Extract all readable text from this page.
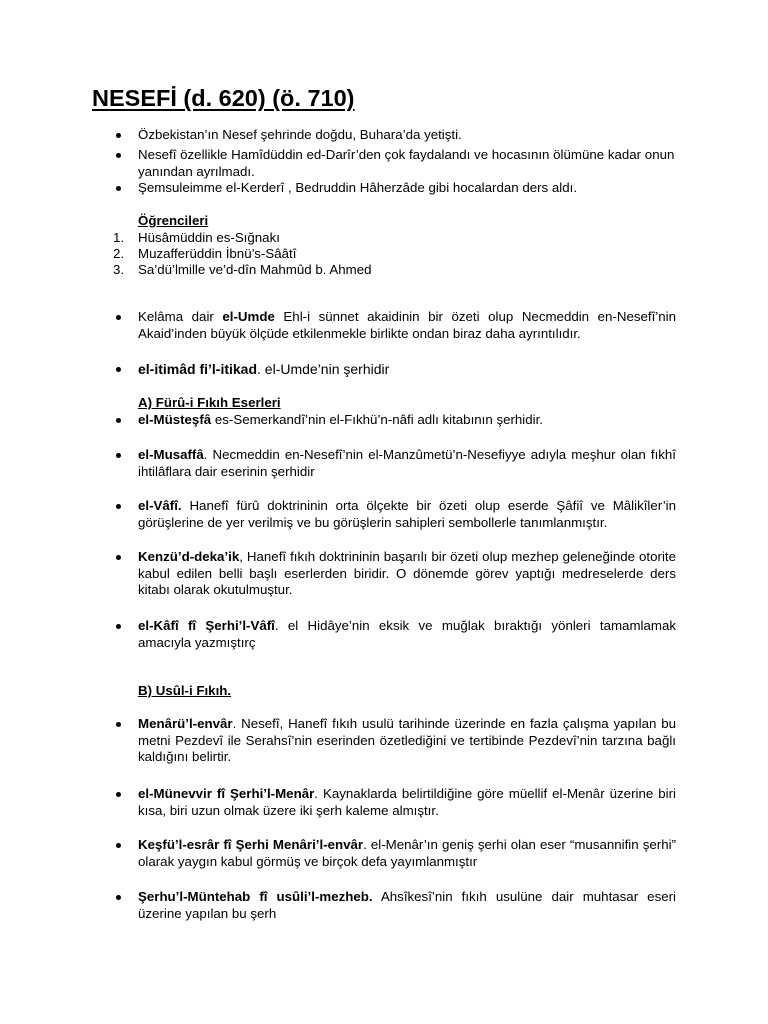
NESEFİ (d. 620) (ö. 710)
Özbekistan’ın Nesef şehrinde doğdu, Buhara’da yetişti.
Nesefî özellikle Hamîdüddin ed-Darîr’den çok faydalandı ve hocasının ölümüne kadar onun yanından ayrılmadı.
Şemsuleimme el-Kerderî , Bedruddin Hâherzâde gibi hocalardan ders aldı.
Öğrencileri
1. Hüsâmüddin es-Sığnakı
2. Muzafferüddin İbnü’s-Sââtî
3. Sa’dü’lmille ve’d-dîn Mahmûd b. Ahmed
Kelâma dair el-Umde Ehl-i sünnet akaidinin bir özeti olup Necmeddin en-Nesefî’nin Akaid’inden büyük ölçüde etkilenmekle birlikte ondan biraz daha ayrıntılıdır.
el-itimâd fi’l-itikad. el-Umde’nin şerhidir
A) Fürû-i Fıkıh Eserleri
el-Müsteşfâ es-Semerkandî’nin el-Fıkhü’n-nâfi adlı kitabının şerhidir.
el-Musaffâ. Necmeddin en-Nesefî’nin el-Manzûmetü’n-Nesefiyye adıyla meşhur olan fıkhî ihtilâflara dair eserinin şerhidir
el-Vâfî. Hanefî fürû doktrininin orta ölçekte bir özeti olup eserde Şâfiî ve Mâlikîler’in görüşlerine de yer verilmiş ve bu görüşlerin sahipleri sembollerle tanımlanmıştır.
Kenzü’d-deka’ik, Hanefî fıkıh doktrininin başarılı bir özeti olup mezhep geleneğinde otorite kabul edilen belli başlı eserlerden biridir. O dönemde görev yaptığı medreselerde ders kitabı olarak okutulmuştur.
el-Kâfî fî Şerhi’l-Vâfî. el Hidâye’nin eksik ve muğlak bıraktığı yönleri tamamlamak amacıyla yazmıştırç
B) Usûl-i Fıkıh.
Menârü’l-envâr. Nesefî, Hanefî fıkıh usulü tarihinde üzerinde en fazla çalışma yapılan bu metni Pezdevî ile Serahsî’nin eserinden özetlediğini ve tertibinde Pezdevî’nin tarzına bağlı kaldığını belirtir.
el-Münevvir fî Şerhi’l-Menâr. Kaynaklarda belirtildiğine göre müellif el-Menâr üzerine biri kısa, biri uzun olmak üzere iki şerh kaleme almıştır.
Keşfü’l-esrâr fî Şerhi Menâri’l-envâr. el-Menâr’ın geniş şerhi olan eser “musannifin şerhi” olarak yaygın kabul görmüş ve birçok defa yayımlanmıştır
Şerhu’l-Müntehab fî usûli’l-mezheb. Ahsîkesî’nin fıkıh usulüne dair muhtasar eseri üzerine yapılan bu şerh
